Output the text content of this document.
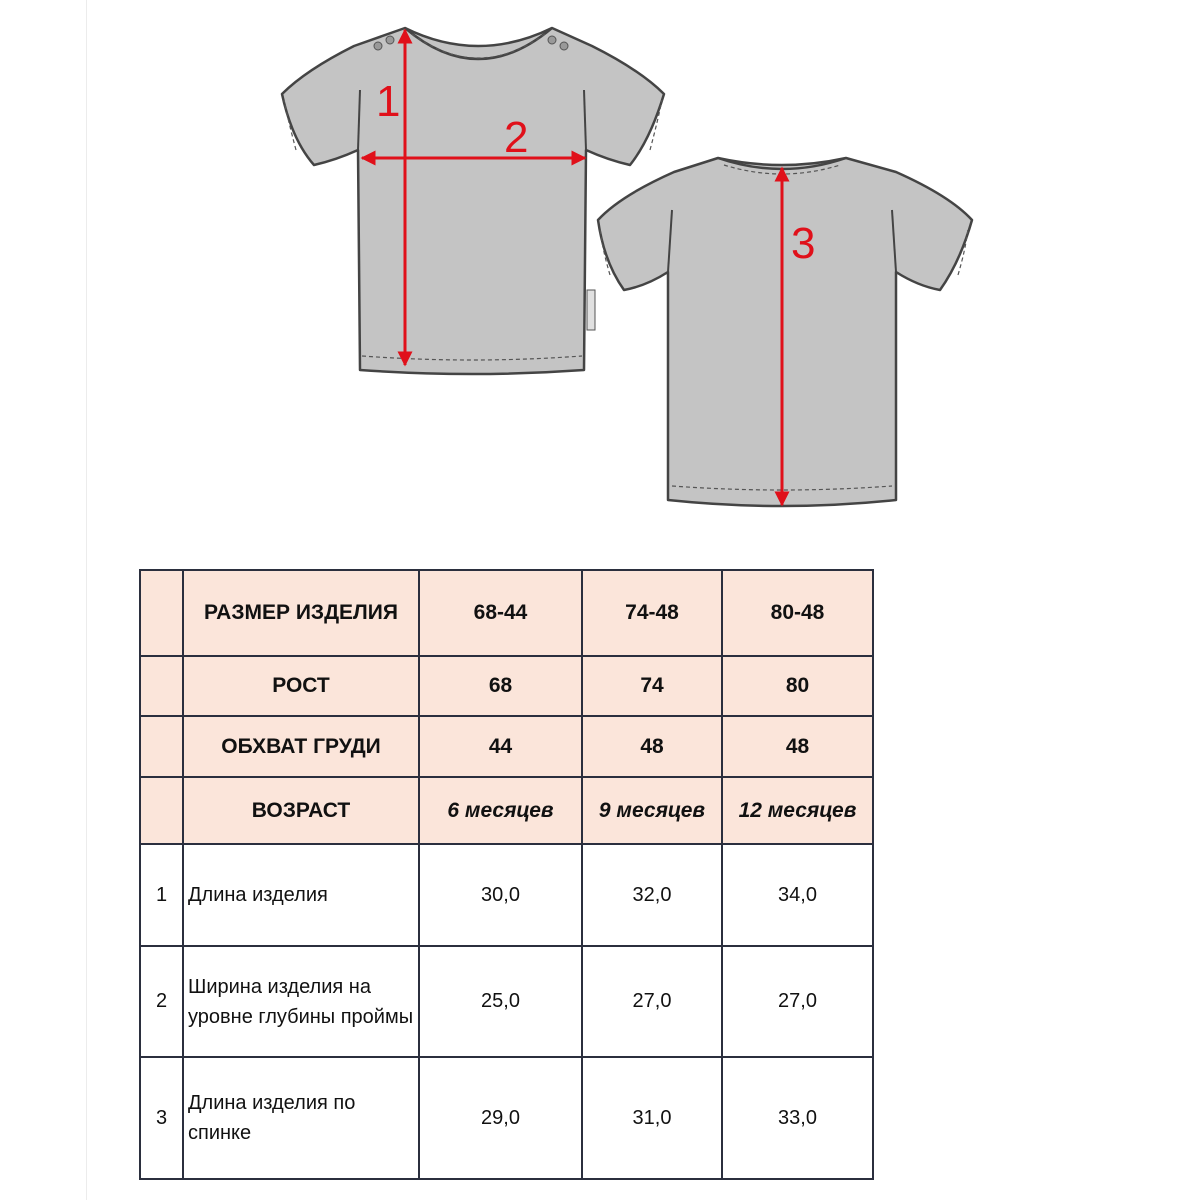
1
2
3
	РАЗМЕР ИЗДЕЛИЯ	68-44	74-48	80-48
	РОСТ	68	74	80
	ОБХВАТ ГРУДИ	44	48	48
	ВОЗРАСТ	6 месяцев	9 месяцев	12 месяцев
1	Длина изделия	30,0	32,0	34,0
2	Ширина изделия на уровне глубины проймы	25,0	27,0	27,0
3	Длина изделия по спинке	29,0	31,0	33,0
